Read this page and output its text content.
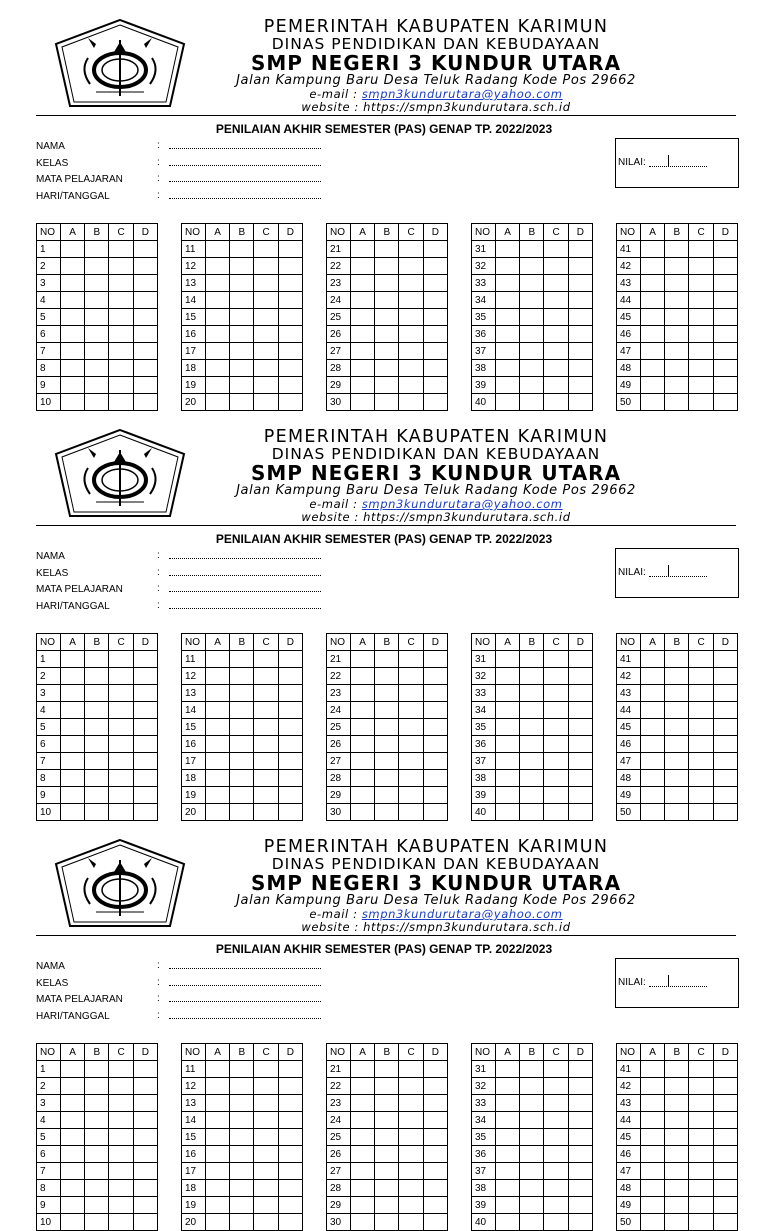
PEMERINTAH KABUPATEN KARIMUN
DINAS PENDIDIKAN DAN KEBUDAYAAN
SMP NEGERI 3 KUNDUR UTARA
Jalan Kampung Baru Desa Teluk Radang Kode Pos 29662
e-mail : smpn3kundurutara@yahoo.com
website : https://smpn3kundurutara.sch.id
PENILAIAN AKHIR SEMESTER (PAS) GENAP TP. 2022/2023
NAMA	:
KELAS	:
MATA PELAJARAN	:
HARI/TANGGAL	:
NILAI:
NO	A	B	C	D
1				
2				
3				
4				
5				
6				
7				
8				
9				
10				
NO	A	B	C	D
11				
12				
13				
14				
15				
16				
17				
18				
19				
20				
NO	A	B	C	D
21				
22				
23				
24				
25				
26				
27				
28				
29				
30				
NO	A	B	C	D
31				
32				
33				
34				
35				
36				
37				
38				
39				
40				
NO	A	B	C	D
41				
42				
43				
44				
45				
46				
47				
48				
49				
50				
PEMERINTAH KABUPATEN KARIMUN
DINAS PENDIDIKAN DAN KEBUDAYAAN
SMP NEGERI 3 KUNDUR UTARA
Jalan Kampung Baru Desa Teluk Radang Kode Pos 29662
e-mail : smpn3kundurutara@yahoo.com
website : https://smpn3kundurutara.sch.id
PENILAIAN AKHIR SEMESTER (PAS) GENAP TP. 2022/2023
NAMA	:
KELAS	:
MATA PELAJARAN	:
HARI/TANGGAL	:
NILAI:
NO	A	B	C	D
1				
2				
3				
4				
5				
6				
7				
8				
9				
10				
NO	A	B	C	D
11				
12				
13				
14				
15				
16				
17				
18				
19				
20				
NO	A	B	C	D
21				
22				
23				
24				
25				
26				
27				
28				
29				
30				
NO	A	B	C	D
31				
32				
33				
34				
35				
36				
37				
38				
39				
40				
NO	A	B	C	D
41				
42				
43				
44				
45				
46				
47				
48				
49				
50				
PEMERINTAH KABUPATEN KARIMUN
DINAS PENDIDIKAN DAN KEBUDAYAAN
SMP NEGERI 3 KUNDUR UTARA
Jalan Kampung Baru Desa Teluk Radang Kode Pos 29662
e-mail : smpn3kundurutara@yahoo.com
website : https://smpn3kundurutara.sch.id
PENILAIAN AKHIR SEMESTER (PAS) GENAP TP. 2022/2023
NAMA	:
KELAS	:
MATA PELAJARAN	:
HARI/TANGGAL	:
NILAI:
NO	A	B	C	D
1				
2				
3				
4				
5				
6				
7				
8				
9				
10				
NO	A	B	C	D
11				
12				
13				
14				
15				
16				
17				
18				
19				
20				
NO	A	B	C	D
21				
22				
23				
24				
25				
26				
27				
28				
29				
30				
NO	A	B	C	D
31				
32				
33				
34				
35				
36				
37				
38				
39				
40				
NO	A	B	C	D
41				
42				
43				
44				
45				
46				
47				
48				
49				
50				
